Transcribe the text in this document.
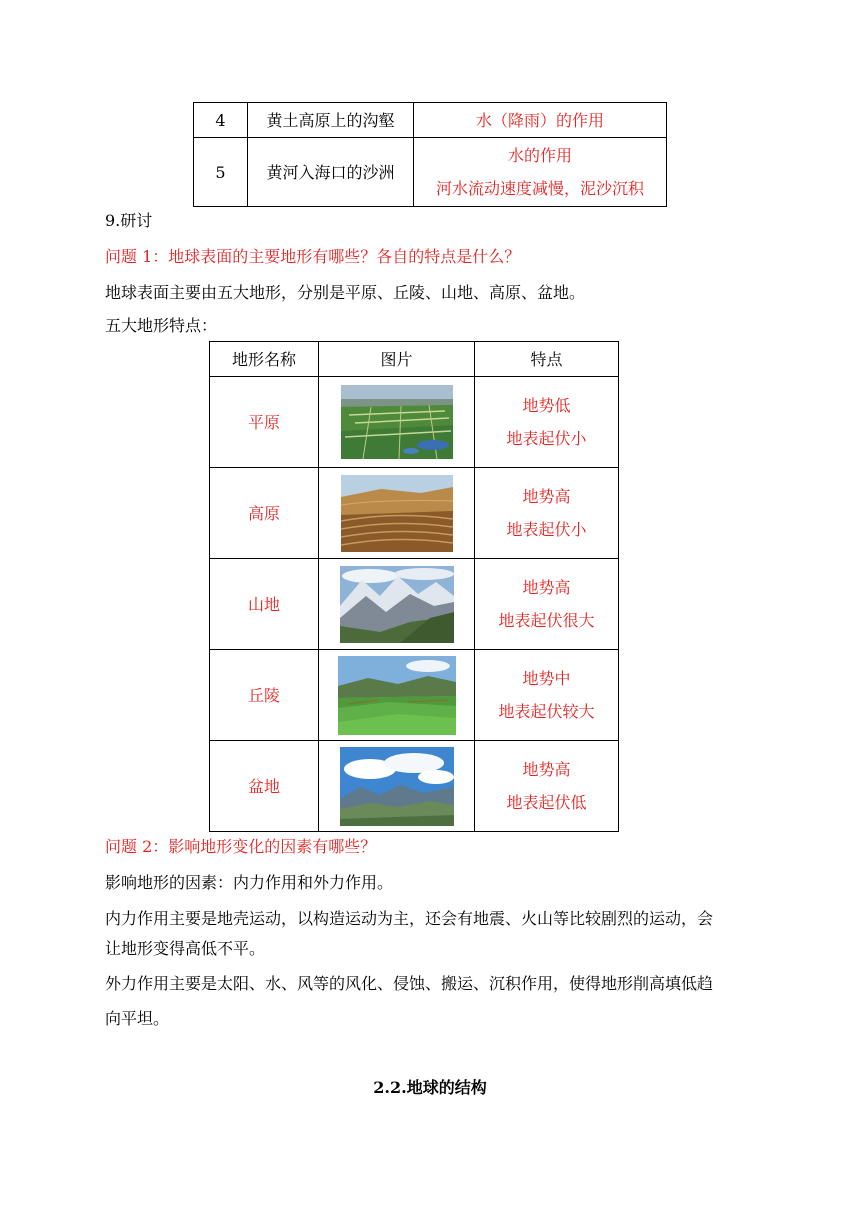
4	黄土高原上的沟壑	水（降雨）的作用
5	黄河入海口的沙洲	水的作用
河水流动速度减慢，泥沙沉积
9.研讨
问题 1：地球表面的主要地形有哪些？各自的特点是什么？
地球表面主要由五大地形，分别是平原、丘陵、山地、高原、盆地。
五大地形特点：
地形名称	图片	特点
平原		地势低
地表起伏小

高原		地势高
地表起伏小

山地		地势高
地表起伏很大

丘陵		地势中
地表起伏较大

盆地		地势高
地表起伏低
问题 2：影响地形变化的因素有哪些？
影响地形的因素：内力作用和外力作用。
内力作用主要是地壳运动，以构造运动为主，还会有地震、火山等比较剧烈的运动，会
让地形变得高低不平。
外力作用主要是太阳、水、风等的风化、侵蚀、搬运、沉积作用，使得地形削高填低趋
向平坦。
2.2.地球的结构
